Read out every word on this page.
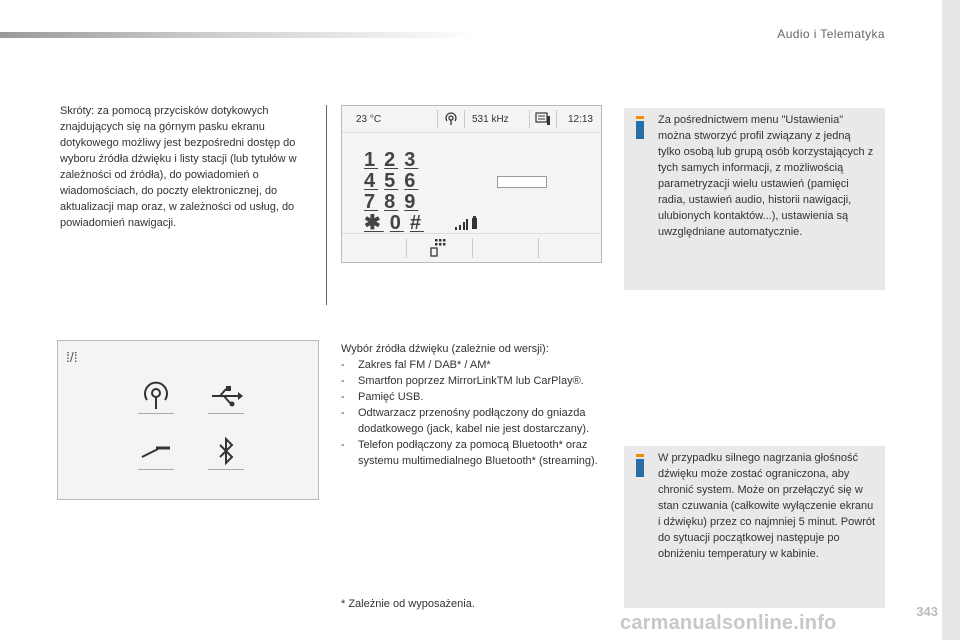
Audio i Telematyka
Skróty: za pomocą przycisków dotykowych znajdujących się na górnym pasku ekranu dotykowego możliwy jest bezpośredni dostęp do wyboru źródła dźwięku i listy stacji (lub tytułów w zależności od źródła), do powiadomień o wiadomościach, do poczty elektronicznej, do aktualizacji map oraz, w zależności od usług, do powiadomień nawigacji.
23 °C	531 kHz	12:13
1 2 3
4 5 6
7 8 9
✱ 0 #
⁞/⁞	Wybór źródła dźwięku (zależnie od wersji):
- Zakres fal FM / DAB* / AM*
- Smartfon poprzez MirrorLinkTM lub CarPlay®.
- Pamięć USB.
- Odtwarzacz przenośny podłączony do gniazda dodatkowego (jack, kabel nie jest dostarczany).
- Telefon podłączony za pomocą Bluetooth* oraz systemu multimedialnego Bluetooth* (streaming).
* Zależnie od wyposażenia.
Za pośrednictwem menu "Ustawienia" można stworzyć profil związany z jedną tylko osobą lub grupą osób korzystających z tych samych informacji, z możliwością parametryzacji wielu ustawień (pamięci radia, ustawień audio, historii nawigacji, ulubionych kontaktów...), ustawienia są uwzględniane automatycznie.
W przypadku silnego nagrzania głośność dźwięku może zostać ograniczona, aby chronić system. Może on przełączyć się w stan czuwania (całkowite wyłączenie ekranu i dźwięku) przez co najmniej 5 minut. Powrót do sytuacji początkowej następuje po obniżeniu temperatury w kabinie.
343
carmanualsonline.info
